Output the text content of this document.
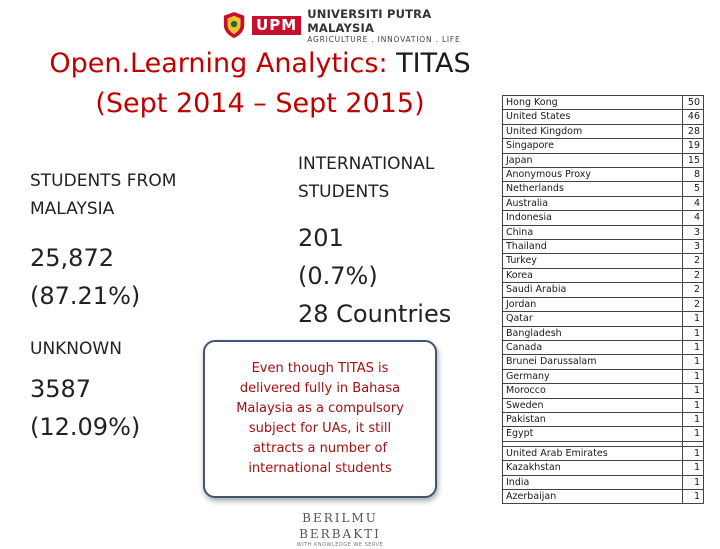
UPM
UNIVERSITI PUTRA MALAYSIA
AGRICULTURE . INNOVATION . LIFE
Open.Learning Analytics: TITAS
(Sept 2014 – Sept 2015)
STUDENTS FROM MALAYSIA
25,872
(87.21%)
UNKNOWN
3587
(12.09%)
INTERNATIONAL STUDENTS
201
(0.7%)
28 Countries
Even though TITAS is delivered fully in Bahasa Malaysia as a compulsory subject for UAs, it still attracts a number of international students
Hong Kong	50
United States	46
United Kingdom	28
Singapore	19
Japan	15
Anonymous Proxy	8
Netherlands	5
Australia	4
Indonesia	4
China	3
Thailand	3
Turkey	2
Korea	2
Saudi Arabia	2
Jordan	2
Qatar	1
Bangladesh	1
Canada	1
Brunei Darussalam	1
Germany	1
Morocco	1
Sweden	1
Pakistan	1
Egypt	1

United Arab Emirates	1
Kazakhstan	1
India	1
Azerbaijan	1
BERILMU BERBAKTI
WITH KNOWLEDGE WE SERVE
